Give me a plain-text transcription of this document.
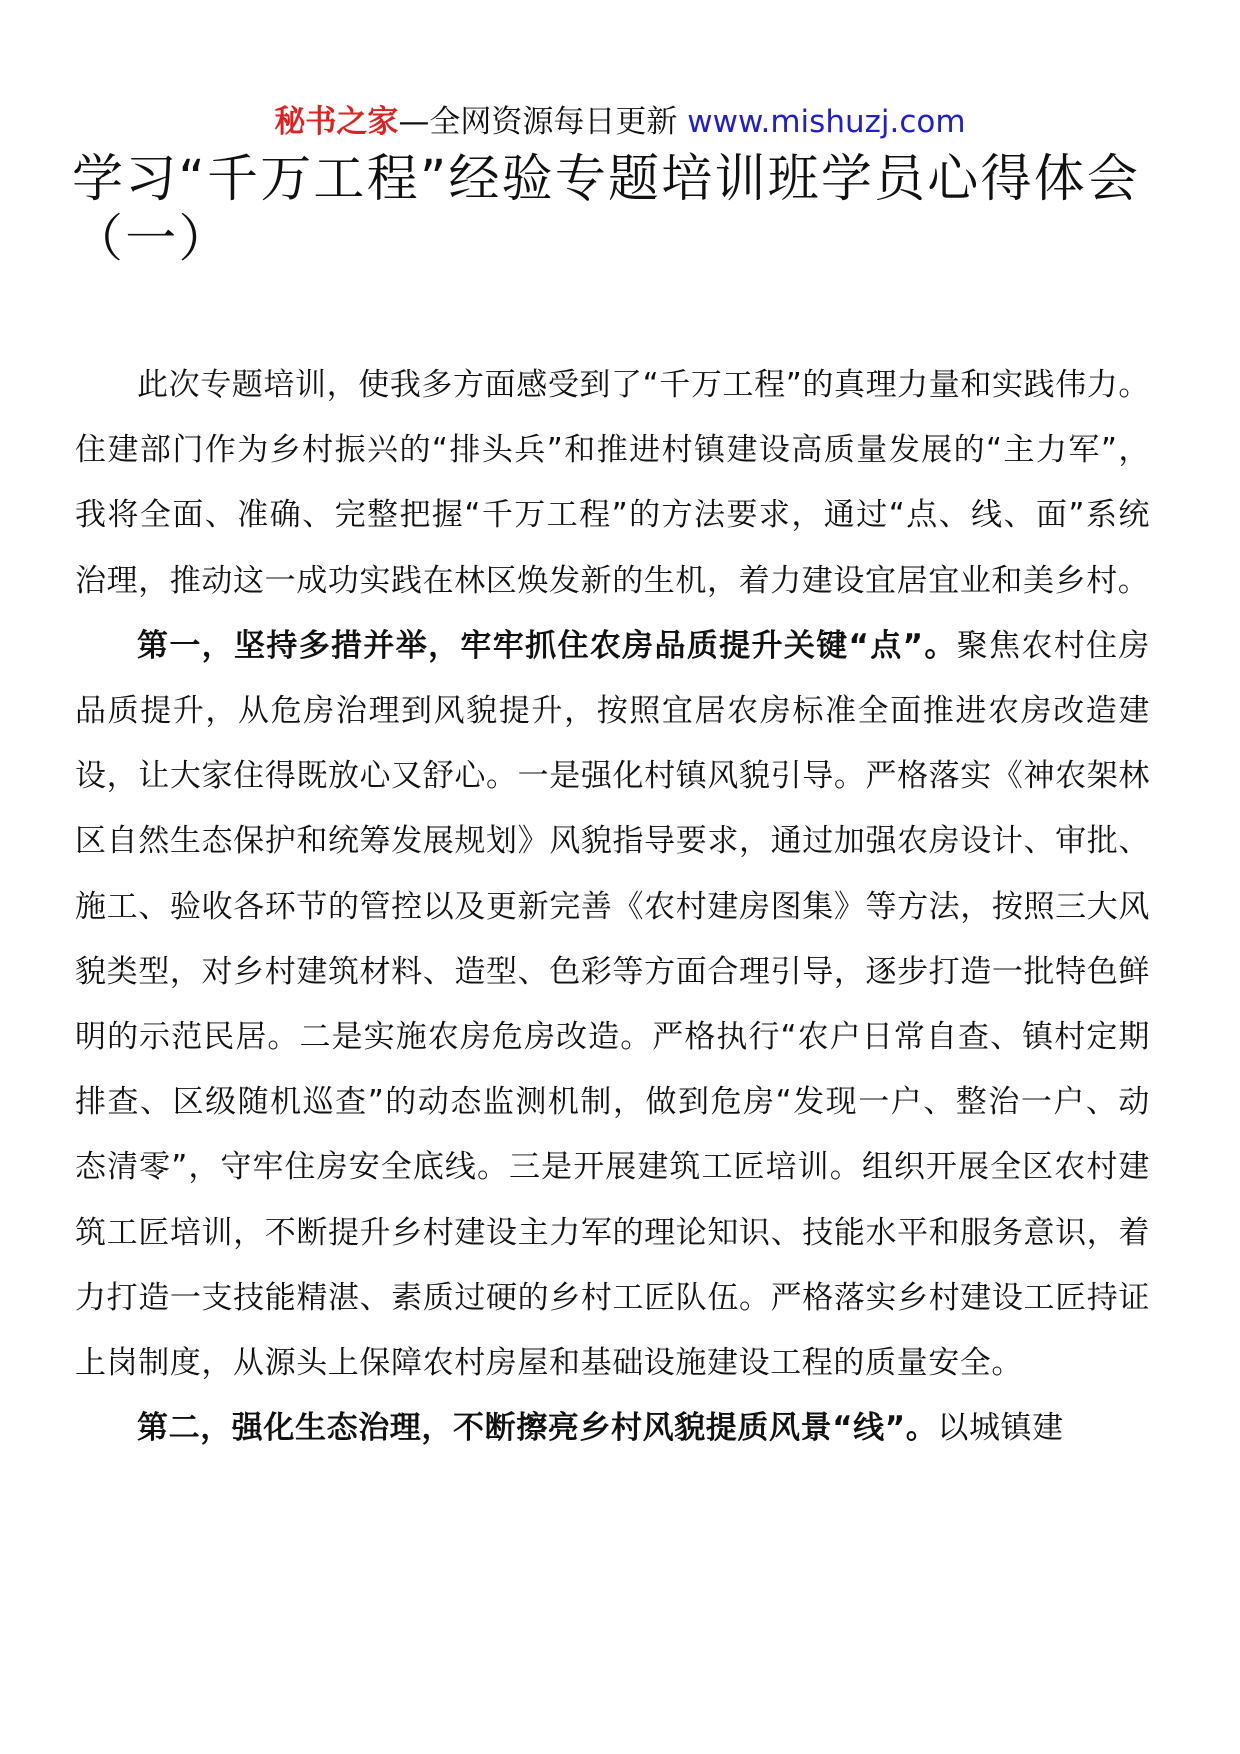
秘书之家—全网资源每日更新 www.mishuzj.com
学习“千万工程”经验专题培训班学员心得体会（一）

此次专题培训，使我多方面感受到了“千万工程”的真理力量和实践伟力。住建部门作为乡村振兴的“排头兵”和推进村镇建设高质量发展的“主力军”，我将全面、准确、完整把握“千万工程”的方法要求，通过“点、线、面”系统治理，推动这一成功实践在林区焕发新的生机，着力建设宜居宜业和美乡村。

第一，坚持多措并举，牢牢抓住农房品质提升关键“点”。聚焦农村住房品质提升，从危房治理到风貌提升，按照宜居农房标准全面推进农房改造建设，让大家住得既放心又舒心。一是强化村镇风貌引导。严格落实《神农架林区自然生态保护和统筹发展规划》风貌指导要求，通过加强农房设计、审批、施工、验收各环节的管控以及更新完善《农村建房图集》等方法，按照三大风貌类型，对乡村建筑材料、造型、色彩等方面合理引导，逐步打造一批特色鲜明的示范民居。二是实施农房危房改造。严格执行“农户日常自查、镇村定期排查、区级随机巡查”的动态监测机制，做到危房“发现一户、整治一户、动态清零”，守牢住房安全底线。三是开展建筑工匠培训。组织开展全区农村建筑工匠培训，不断提升乡村建设主力军的理论知识、技能水平和服务意识，着力打造一支技能精湛、素质过硬的乡村工匠队伍。严格落实乡村建设工匠持证上岗制度，从源头上保障农村房屋和基础设施建设工程的质量安全。

第二，强化生态治理，不断擦亮乡村风貌提质风景“线”。以城镇建
